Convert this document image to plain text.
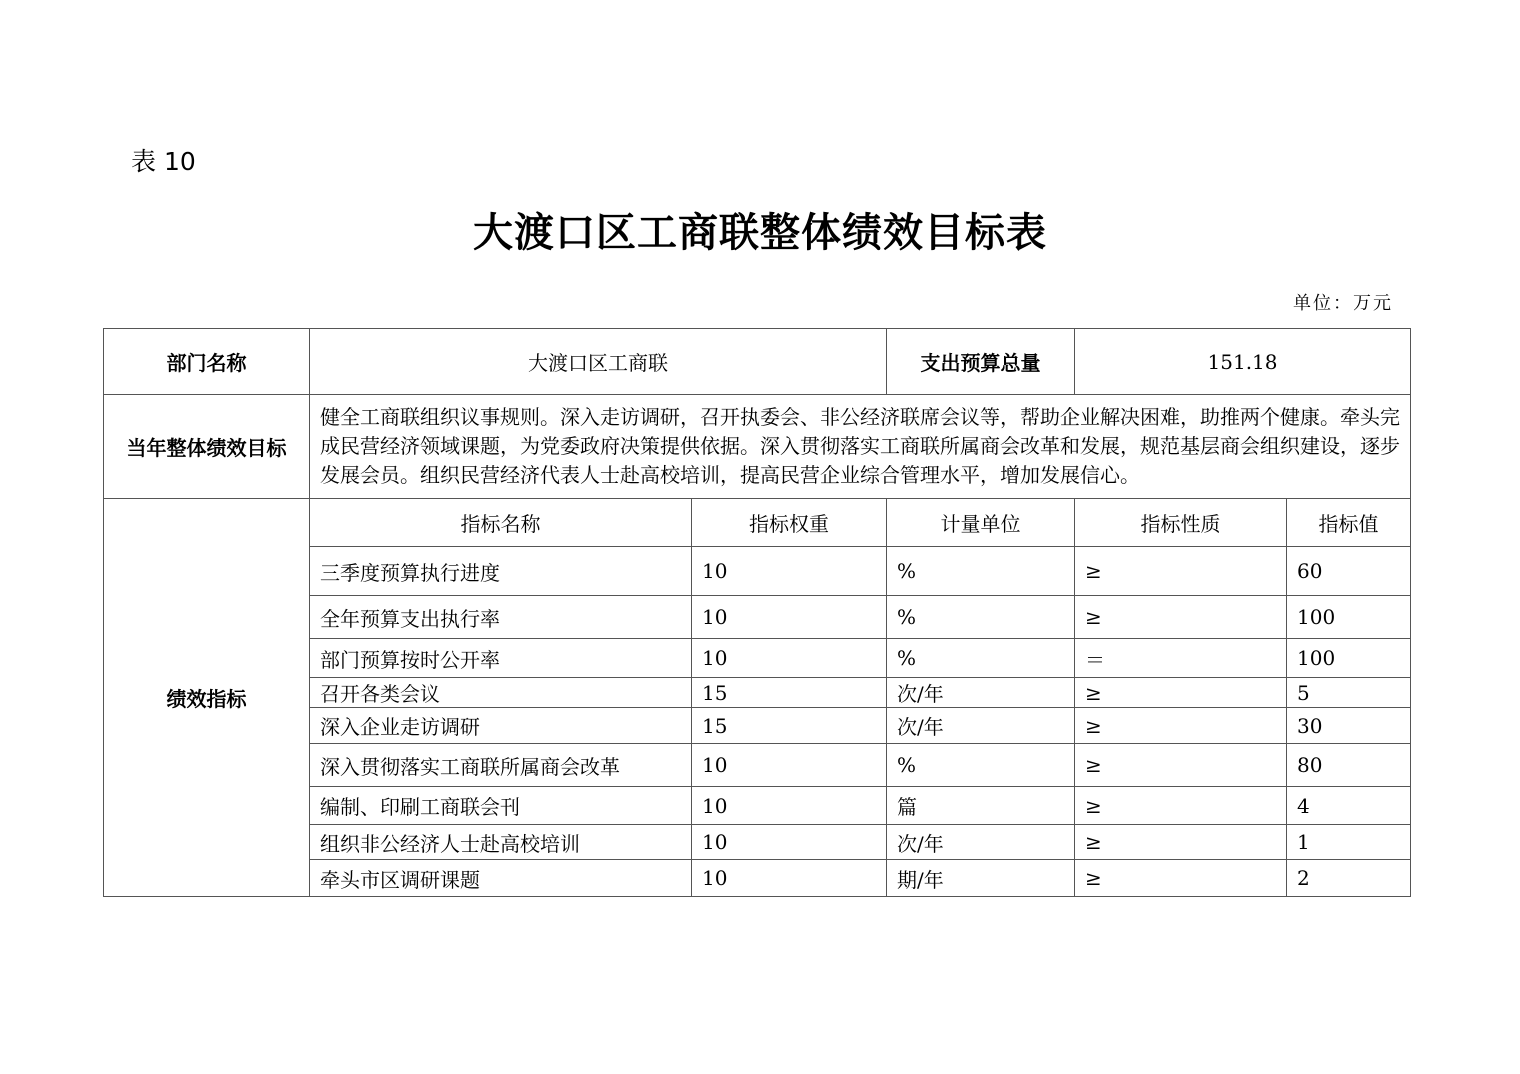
表 10
大渡口区工商联整体绩效目标表
单位：万元
部门名称	大渡口区工商联		支出预算总量	151.18	
当年整体绩效目标	健全工商联组织议事规则。深入走访调研，召开执委会、非公经济联席会议等，帮助企业解决困难，助推两个健康。牵头完成民营经济领域课题，为党委政府决策提供依据。深入贯彻落实工商联所属商会改革和发展，规范基层商会组织建设，逐步发展会员。组织民营经济代表人士赴高校培训，提高民营企业综合管理水平，增加发展信心。				
绩效指标	指标名称	指标权重	计量单位	指标性质	指标值
	三季度预算执行进度	10	%	≥	60
	全年预算支出执行率	10	%	≥	100
	部门预算按时公开率	10	%	＝	100
	召开各类会议	15	次/年	≥	5
	深入企业走访调研	15	次/年	≥	30
	深入贯彻落实工商联所属商会改革	10	%	≥	80
	编制、印刷工商联会刊	10	篇	≥	4
	组织非公经济人士赴高校培训	10	次/年	≥	1
	牵头市区调研课题	10	期/年	≥	2
